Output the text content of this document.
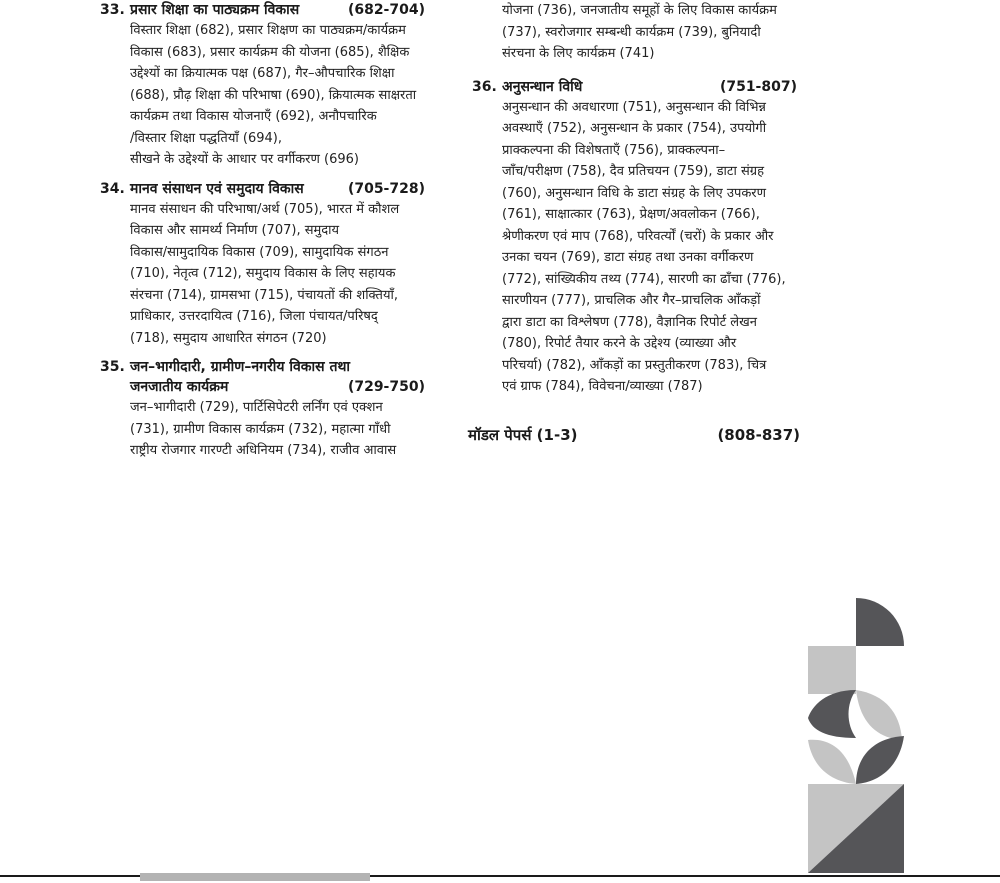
33. प्रसार शिक्षा का पाठ्यक्रम विकास	(682-704)
विस्तार शिक्षा (682), प्रसार शिक्षण का पाठ्यक्रम/कार्यक्रम
विकास (683), प्रसार कार्यक्रम की योजना (685), शैक्षिक
उद्देश्यों का क्रियात्मक पक्ष (687), गैर–औपचारिक शिक्षा
(688), प्रौढ़ शिक्षा की परिभाषा (690), क्रियात्मक साक्षरता
कार्यक्रम तथा विकास योजनाएँ (692), अनौपचारिक
/विस्तार शिक्षा पद्धतियाँ (694),
सीखने के उद्देश्यों के आधार पर वर्गीकरण (696)
34. मानव संसाधन एवं समुदाय विकास	(705-728)
मानव संसाधन की परिभाषा/अर्थ (705), भारत में कौशल
विकास और सामर्थ्य निर्माण (707), समुदाय
विकास/सामुदायिक विकास (709), सामुदायिक संगठन
(710), नेतृत्व (712), समुदाय विकास के लिए सहायक
संरचना (714), ग्रामसभा (715), पंचायतों की शक्तियाँ,
प्राधिकार, उत्तरदायित्व (716), जिला पंचायत/परिषद्
(718), समुदाय आधारित संगठन (720)
35. जन–भागीदारी, ग्रामीण–नगरीय विकास तथा
जनजातीय कार्यक्रम	(729-750)
जन–भागीदारी (729), पार्टिसिपेटरी लर्निंग एवं एक्शन
(731), ग्रामीण विकास कार्यक्रम (732), महात्मा गाँधी
राष्ट्रीय रोजगार गारण्टी अधिनियम (734), राजीव आवास
योजना (736), जनजातीय समूहों के लिए विकास कार्यक्रम
(737), स्वरोजगार सम्बन्धी कार्यक्रम (739), बुनियादी
संरचना के लिए कार्यक्रम (741)
36. अनुसन्धान विधि	(751-807)
अनुसन्धान की अवधारणा (751), अनुसन्धान की विभिन्न
अवस्थाएँ (752), अनुसन्धान के प्रकार (754), उपयोगी
प्राक्कल्पना की विशेषताएँ (756), प्राक्कल्पना–
जाँच/परीक्षण (758), दैव प्रतिचयन (759), डाटा संग्रह
(760), अनुसन्धान विधि के डाटा संग्रह के लिए उपकरण
(761), साक्षात्कार (763), प्रेक्षण/अवलोकन (766),
श्रेणीकरण एवं माप (768), परिवर्त्यों (चरों) के प्रकार और
उनका चयन (769), डाटा संग्रह तथा उनका वर्गीकरण
(772), सांख्यिकीय तथ्य (774), सारणी का ढाँचा (776),
सारणीयन (777), प्राचलिक और गैर–प्राचलिक आँकड़ों
द्वारा डाटा का विश्लेषण (778), वैज्ञानिक रिपोर्ट लेखन
(780), रिपोर्ट तैयार करने के उद्देश्य (व्याख्या और
परिचर्या) (782), आँकड़ों का प्रस्तुतीकरण (783), चित्र
एवं ग्राफ (784), विवेचना/व्याख्या (787)
मॉडल पेपर्स (1-3)	(808-837)
